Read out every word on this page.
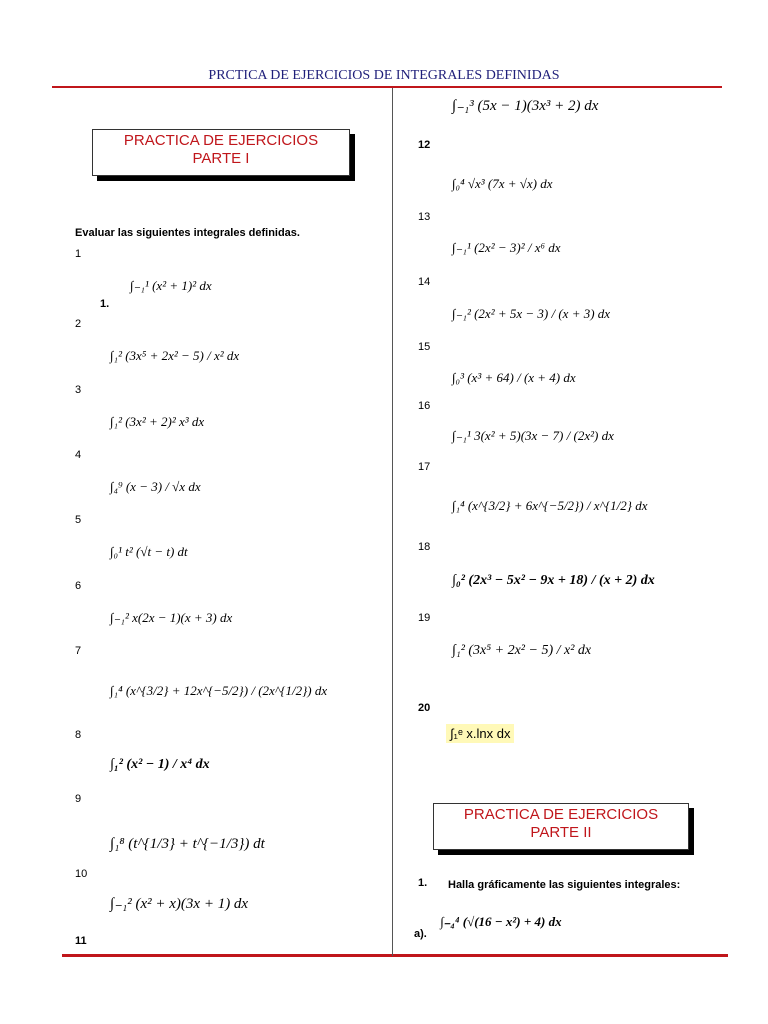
PRCTICA DE EJERCICIOS DE INTEGRALES DEFINIDAS
PRACTICA DE EJERCICIOS
PARTE I
Evaluar las siguientes integrales definidas.
1
1.
∫₋₁¹ (x² + 1)² dx
2
∫₁² (3x⁵ + 2x² − 5) / x² dx
3
∫₁² (3x² + 2)² x³ dx
4
∫₄⁹ (x − 3) / √x dx
5
∫₀¹ t² (√t − t) dt
6
∫₋₁² x(2x − 1)(x + 3) dx
7
∫₁⁴ (x^{3/2} + 12x^{−5/2}) / (2x^{1/2}) dx
8
∫₁² (x² − 1) / x⁴ dx
9
∫₁⁸ (t^{1/3} + t^{−1/3}) dt
10
∫₋₁² (x² + x)(3x + 1) dx
11
∫₋₁³ (5x − 1)(3x³ + 2) dx
12
∫₀⁴ √x³ (7x + √x) dx
13
∫₋₁¹ (2x² − 3)² / x⁶ dx
14
∫₋₁² (2x² + 5x − 3) / (x + 3) dx
15
∫₀³ (x³ + 64) / (x + 4) dx
16
∫₋₁¹ 3(x² + 5)(3x − 7) / (2x²) dx
17
∫₁⁴ (x^{3/2} + 6x^{−5/2}) / x^{1/2} dx
18
∫₀² (2x³ − 5x² − 9x + 18) / (x + 2) dx
19
∫₁² (3x⁵ + 2x² − 5) / x² dx
20
∫₁ᵉ x.lnx dx
PRACTICA DE EJERCICIOS
PARTE II
1.	Halla gráficamente las siguientes integrales:
a).
∫₋₄⁴ (√(16 − x²) + 4) dx
